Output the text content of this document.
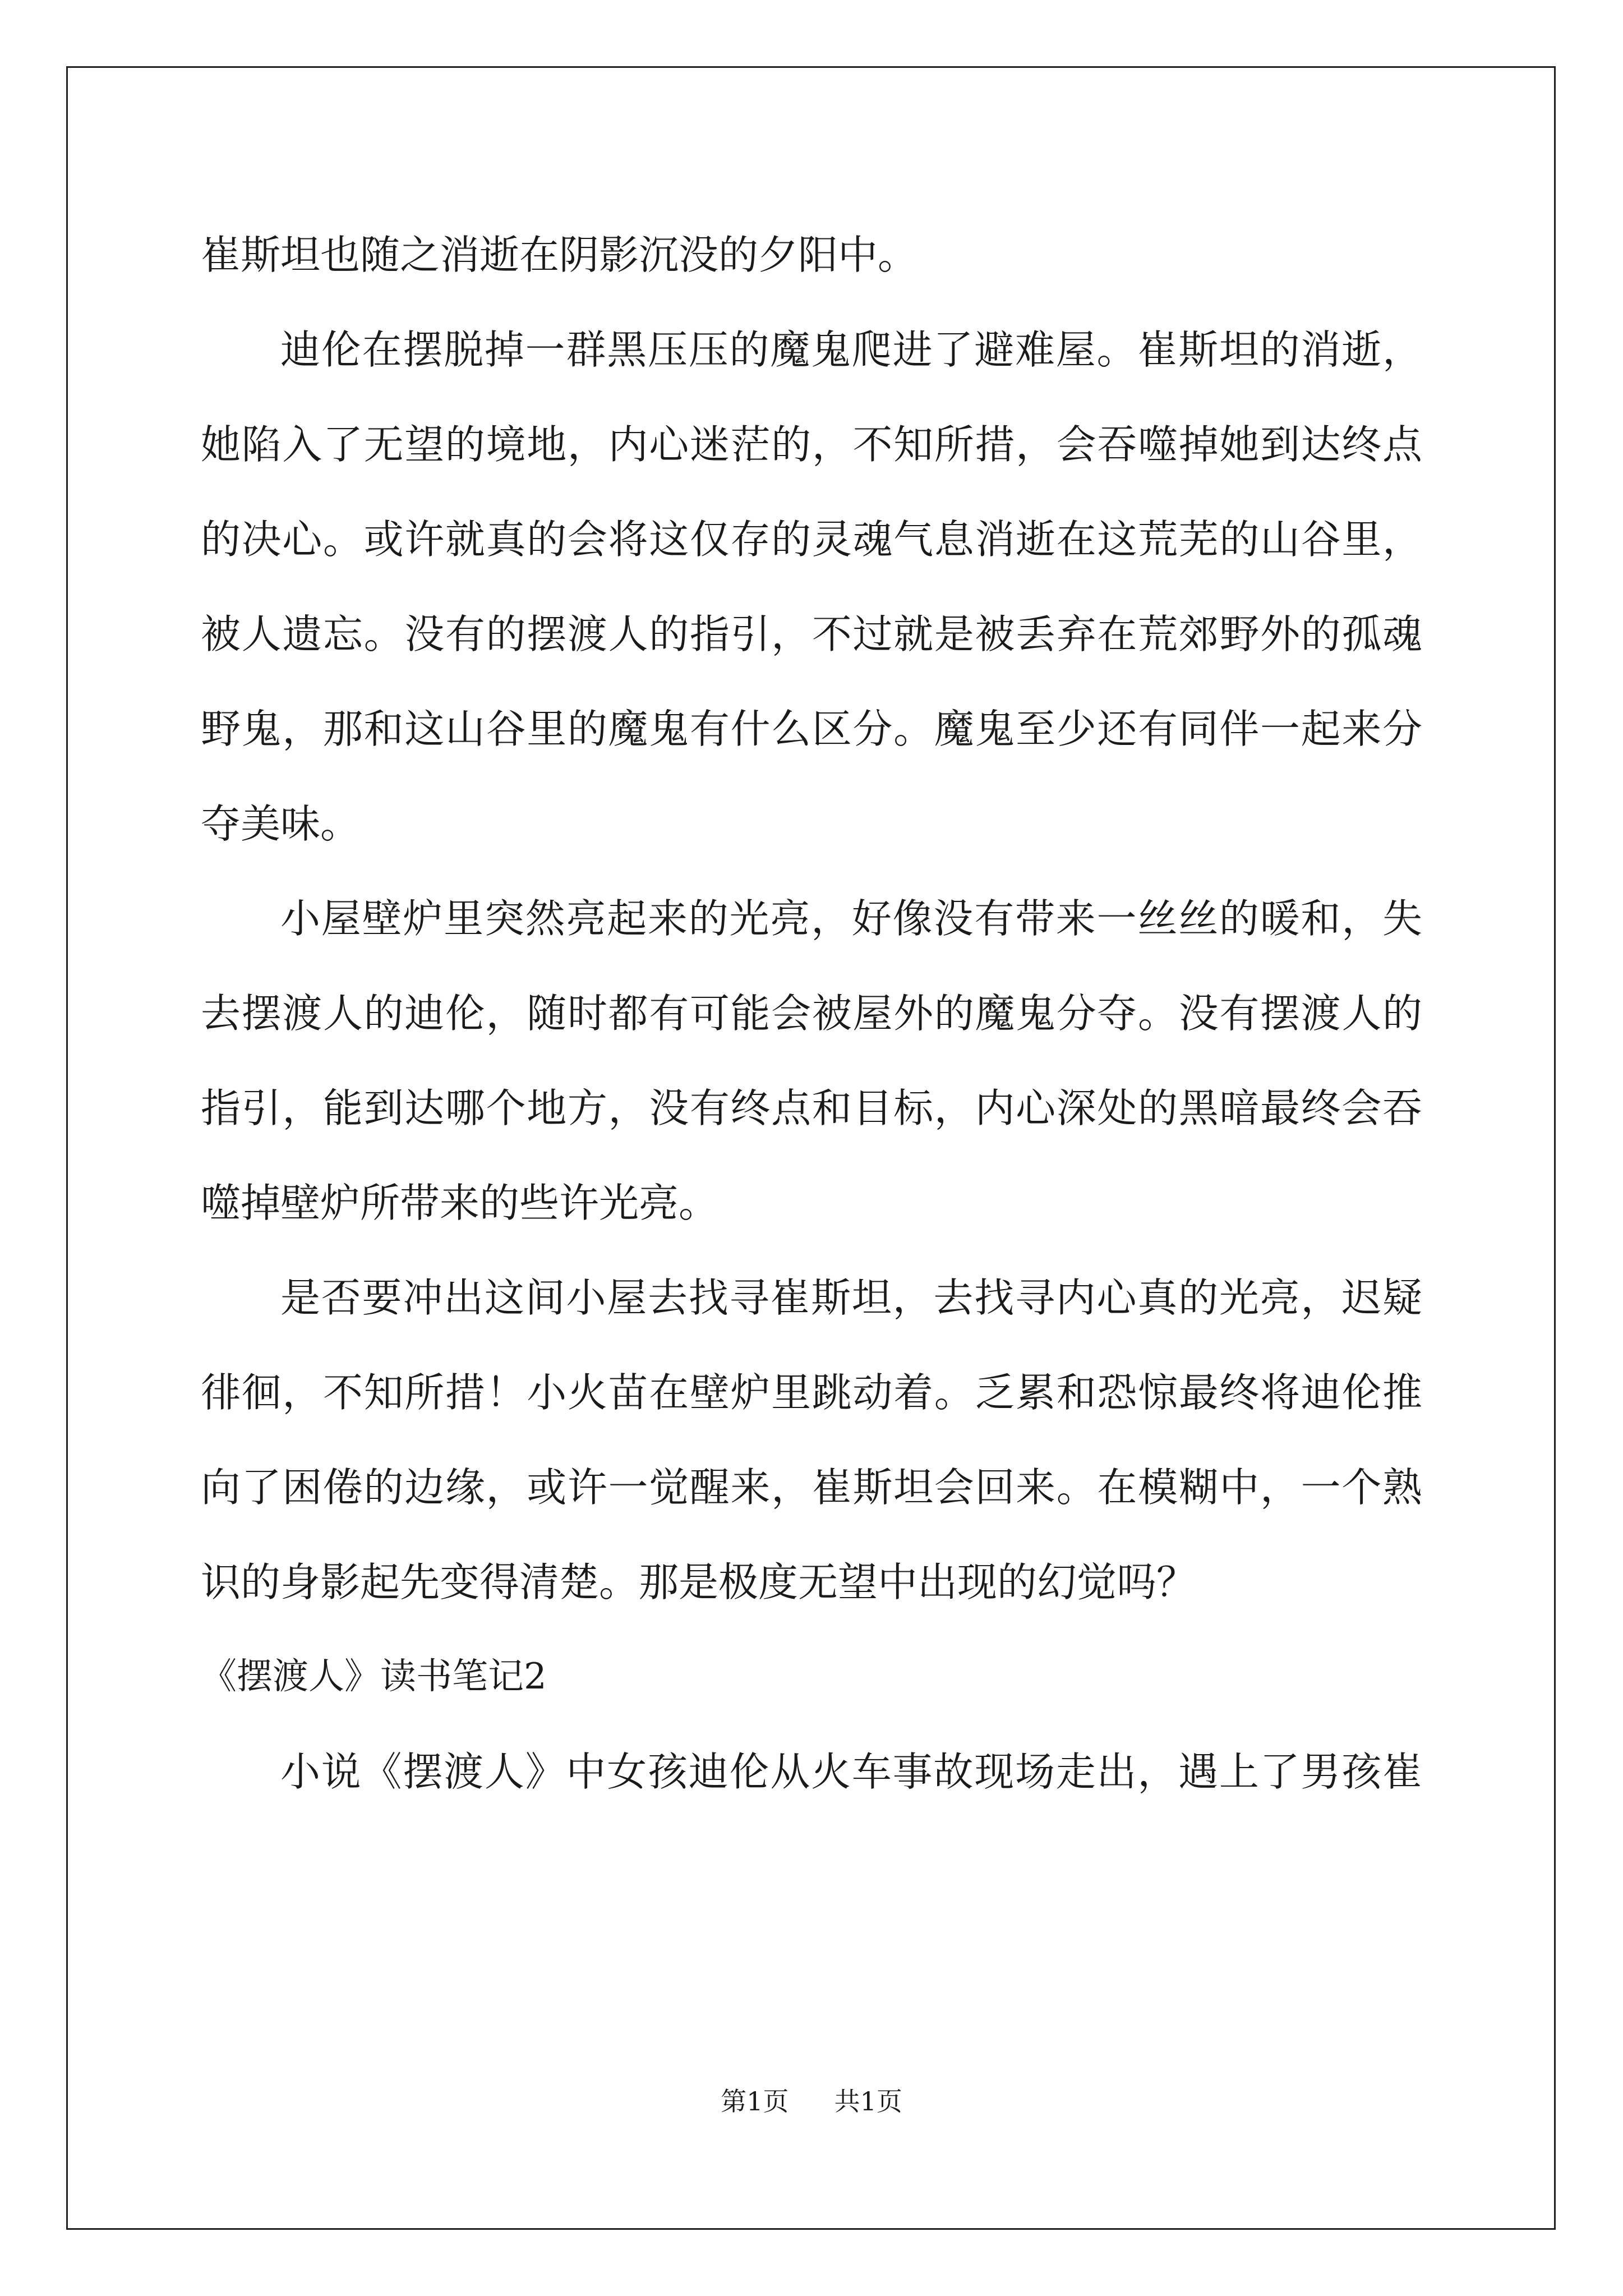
崔斯坦也随之消逝在阴影沉没的夕阳中。
迪伦在摆脱掉一群黑压压的魔鬼爬进了避难屋。崔斯坦的消逝，
她陷入了无望的境地，内心迷茫的，不知所措，会吞噬掉她到达终点
的决心。或许就真的会将这仅存的灵魂气息消逝在这荒芜的山谷里，
被人遗忘。没有的摆渡人的指引，不过就是被丢弃在荒郊野外的孤魂
野鬼，那和这山谷里的魔鬼有什么区分。魔鬼至少还有同伴一起来分
夺美味。
小屋壁炉里突然亮起来的光亮，好像没有带来一丝丝的暖和，失
去摆渡人的迪伦，随时都有可能会被屋外的魔鬼分夺。没有摆渡人的
指引，能到达哪个地方，没有终点和目标，内心深处的黑暗最终会吞
噬掉壁炉所带来的些许光亮。
是否要冲出这间小屋去找寻崔斯坦，去找寻内心真的光亮，迟疑
徘徊，不知所措！小火苗在壁炉里跳动着。乏累和恐惊最终将迪伦推
向了困倦的边缘，或许一觉醒来，崔斯坦会回来。在模糊中，一个熟
识的身影起先变得清楚。那是极度无望中出现的幻觉吗？
《摆渡人》读书笔记2
小说《摆渡人》中女孩迪伦从火车事故现场走出，遇上了男孩崔
第1页 共1页
